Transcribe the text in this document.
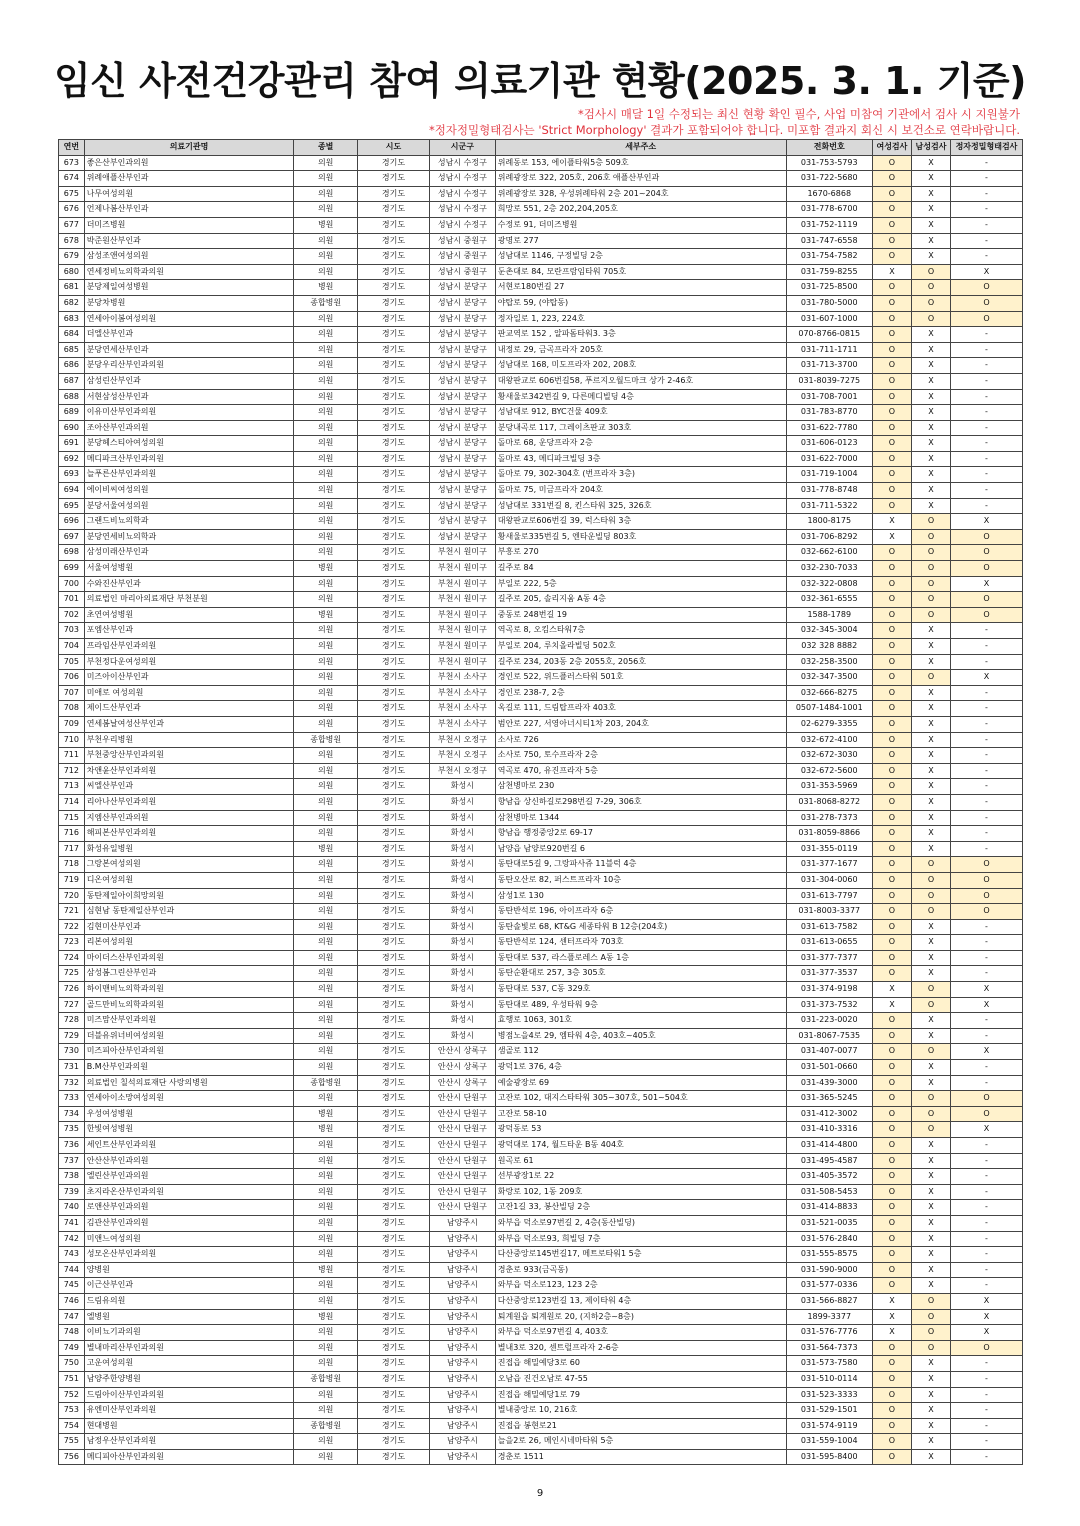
임신 사전건강관리 참여 의료기관 현황(2025. 3. 1. 기준)
*검사시 매달 1일 수정되는 최신 현황 확인 필수, 사업 미참여 기관에서 검사 시 지원불가
*정자정밀형태검사는 'Strict Morphology' 결과가 포함되어야 합니다. 미포함 결과지 회신 시 보건소로 연락바랍니다.
연번	의료기관명	종별	시도	시군구	세부주소	전화번호	여성검사	남성검사	정자정밀형태검사
673	좋은산부인과의원	의원	경기도	성남시 수정구	위례동로 153, 에이플타워5층 509호	031-753-5793	O	X	-
674	위례애플산부인과	의원	경기도	성남시 수정구	위례광장로 322, 205호, 206호 애플산부인과	031-722-5680	O	X	-
675	나무여성의원	의원	경기도	성남시 수정구	위례광장로 328, 우성위례타워 2층 201~204호	1670-6868	O	X	-
676	언제나봄산부인과	의원	경기도	성남시 수정구	희망로 551, 2층 202,204,205호	031-778-6700	O	X	-
677	더미즈병원	병원	경기도	성남시 수정구	수정로 91, 더미즈병원	031-752-1119	O	X	-
678	박준원산부인과	의원	경기도	성남시 중원구	광명로 277	031-747-6558	O	X	-
679	삼성조앤여성의원	의원	경기도	성남시 중원구	성남대로 1146, 구정빌딩 2층	031-754-7582	O	X	-
680	연세정비뇨의학과의원	의원	경기도	성남시 중원구	둔촌대로 84, 모란프람임타워 705호	031-759-8255	X	O	X
681	분당제일여성병원	병원	경기도	성남시 분당구	서현로180번길 27	031-725-8500	O	O	O
682	분당차병원	종합병원	경기도	성남시 분당구	야탑로 59, (야탑동)	031-780-5000	O	O	O
683	연세아이봄여성의원	의원	경기도	성남시 분당구	정자일로 1, 223, 224호	031-607-1000	O	O	O
684	더엘산부인과	의원	경기도	성남시 분당구	판교역로 152 , 알파돔타워3. 3층	070-8766-0815	O	X	-
685	분당연세산부인과	의원	경기도	성남시 분당구	내정로 29, 금곡프라자 205호	031-711-1711	O	X	-
686	분당우리산부인과의원	의원	경기도	성남시 분당구	성남대로 168, 미도프라자 202, 208호	031-713-3700	O	X	-
687	삼성린산부인과	의원	경기도	성남시 분당구	대왕판교로 606번길58, 푸르지오월드마크 상가 2-46호	031-8039-7275	O	X	-
688	서현삼성산부인과	의원	경기도	성남시 분당구	황새울로342번길 9, 다른메디빌딩 4층	031-708-7001	O	X	-
689	이유미산부인과의원	의원	경기도	성남시 분당구	성남대로 912, BYC건물 409호	031-783-8770	O	X	-
690	조아산부인과의원	의원	경기도	성남시 분당구	분당내곡로 117, 그레이츠판교 303호	031-622-7780	O	X	-
691	분당헤스티아여성의원	의원	경기도	성남시 분당구	돌마로 68, 운당프라자 2층	031-606-0123	O	X	-
692	메디파크산부인과의원	의원	경기도	성남시 분당구	돌마로 43, 메디파크빌딩 3층	031-622-7000	O	X	-
693	늘푸른산부인과의원	의원	경기도	성남시 분당구	돌마로 79, 302-304호 (번프라자 3층)	031-719-1004	O	X	-
694	에이비씨여성의원	의원	경기도	성남시 분당구	돌마로 75, 미금프라자 204호	031-778-8748	O	X	-
695	분당서울여성의원	의원	경기도	성남시 분당구	성남대로 331번길 8, 킨스타워 325, 326호	031-711-5322	O	X	-
696	그랜드비뇨의학과	의원	경기도	성남시 분당구	대왕판교로606번길 39, 럭스타워 3층	1800-8175	X	O	X
697	분당연세비뇨의학과	의원	경기도	성남시 분당구	황새울로335번길 5, 엔타운빌딩 803호	031-706-8292	X	O	O
698	삼성미래산부인과	의원	경기도	부천시 원미구	부흥로 270	032-662-6100	O	O	O
699	서울여성병원	병원	경기도	부천시 원미구	길주로 84	032-230-7033	O	O	O
700	수와진산부인과	의원	경기도	부천시 원미구	부일로 222, 5층	032-322-0808	O	O	X
701	의료법인 마리아의료재단 부천분원	의원	경기도	부천시 원미구	길주로 205, 솔리지움 A동 4층	032-361-6555	O	O	O
702	초연여성병원	병원	경기도	부천시 원미구	중동로 248번길 19	1588-1789	O	O	O
703	포엠산부인과	의원	경기도	부천시 원미구	역곡로 8, 오킴스타워7층	032-345-3004	O	X	-
704	프라임산부인과의원	의원	경기도	부천시 원미구	부일로 204, 루치올라빌딩 502호	032 328 8882	O	X	-
705	부천정다운여성의원	의원	경기도	부천시 원미구	길주로 234, 203동 2층 2055호, 2056호	032-258-3500	O	X	-
706	미즈아이산부인과	의원	경기도	부천시 소사구	경인로 522, 위드플러스타워 501호	032-347-3500	O	O	X
707	미애로 여성의원	의원	경기도	부천시 소사구	경인로 238-7, 2층	032-666-8275	O	X	-
708	제이드산부인과	의원	경기도	부천시 소사구	옥길로 111, 드림탑프라자 403호	0507-1484-1001	O	X	-
709	연세봄날여성산부인과	의원	경기도	부천시 소사구	범안로 227, 서영아너시티1차 203, 204호	02-6279-3355	O	X	-
710	부천우리병원	종합병원	경기도	부천시 오정구	소사로 726	032-672-4100	O	X	-
711	부천중앙산부인과의원	의원	경기도	부천시 오정구	소사로 750, 토수프라자 2층	032-672-3030	O	X	-
712	차앤윤산부인과의원	의원	경기도	부천시 오정구	역곡로 470, 유진프라자 5층	032-672-5600	O	X	-
713	씨엘산부인과	의원	경기도	화성시	삼천병마로 230	031-353-5969	O	X	-
714	리아나산부인과의원	의원	경기도	화성시	향남읍 상신하길로298번길 7-29, 306호	031-8068-8272	O	X	-
715	지엠산부인과의원	의원	경기도	화성시	삼천병마로 1344	031-278-7373	O	X	-
716	해피본산부인과의원	의원	경기도	화성시	향남읍 행정중앙2로 69-17	031-8059-8866	O	X	-
717	화성유일병원	병원	경기도	화성시	남양읍 남양로920번길 6	031-355-0119	O	X	-
718	그랑본여성의원	의원	경기도	화성시	동탄대로5길 9, 그랑파사쥬 11블럭 4층	031-377-1677	O	O	O
719	디온여성의원	의원	경기도	화성시	동탄오산로 82, 퍼스트프라자 10층	031-304-0060	O	O	O
720	동탄제일아이희망의원	의원	경기도	화성시	삼성1로 130	031-613-7797	O	O	O
721	심현남 동탄제일산부인과	의원	경기도	화성시	동탄반석로 196, 아이프라자 6층	031-8003-3377	O	O	O
722	김현미산부인과	의원	경기도	화성시	동탄솔빛로 68, KT&G 세종타워 B 12층(204호)	031-613-7582	O	X	-
723	리본여성의원	의원	경기도	화성시	동탄반석로 124, 센터프라자 703호	031-613-0655	O	X	-
724	마이더스산부인과의원	의원	경기도	화성시	동탄대로 537, 라스플로레스 A동 1층	031-377-7377	O	X	-
725	삼성봄그린산부인과	의원	경기도	화성시	동탄순환대로 257, 3층 305호	031-377-3537	O	X	-
726	하이맨비뇨의학과의원	의원	경기도	화성시	동탄대로 537, C동 329호	031-374-9198	X	O	X
727	골드만비뇨의학과의원	의원	경기도	화성시	동탄대로 489, 우성타워 9층	031-373-7532	X	O	X
728	미즈맘산부인과의원	의원	경기도	화성시	효행로 1063, 301호	031-223-0020	O	X	-
729	더블유위너비여성의원	의원	경기도	화성시	병점노을4로 29, 엠타워 4층, 403호~405호	031-8067-7535	O	X	-
730	미즈피아산부인과의원	의원	경기도	안산시 상록구	샘골로 112	031-407-0077	O	O	X
731	B.M산부인과의원	의원	경기도	안산시 상록구	광덕1로 376, 4층	031-501-0660	O	X	-
732	의료법인 칠석의료재단 사랑의병원	종합병원	경기도	안산시 상록구	예술광장로 69	031-439-3000	O	X	-
733	연세아이소망여성의원	의원	경기도	안산시 단원구	고잔로 102, 대지스타타워 305~307호, 501~504호	031-365-5245	O	O	O
734	우성여성병원	병원	경기도	안산시 단원구	고잔로 58-10	031-412-3002	O	O	O
735	한빛여성병원	병원	경기도	안산시 단원구	광덕동로 53	031-410-3316	O	O	X
736	세인트산부인과의원	의원	경기도	안산시 단원구	광덕대로 174, 월드타운 B동 404호	031-414-4800	O	X	-
737	안산산부인과의원	의원	경기도	안산시 단원구	원곡로 61	031-495-4587	O	X	-
738	엘린산부인과의원	의원	경기도	안산시 단원구	선부광장1로 22	031-405-3572	O	X	-
739	초지라온산부인과의원	의원	경기도	안산시 단원구	화랑로 102, 1동 209호	031-508-5453	O	X	-
740	로앤산부인과의원	의원	경기도	안산시 단원구	고잔1길 33, 봉산빌딩 2층	031-414-8833	O	X	-
741	김관산부인과의원	의원	경기도	남양주시	와부읍 덕소로97번길 2, 4층(동산빌딩)	031-521-0035	O	X	-
742	미앤느여성의원	의원	경기도	남양주시	와부읍 덕소로93, 희빌딩 7층	031-576-2840	O	X	-
743	성모온산부인과의원	의원	경기도	남양주시	다산중앙로145번길17, 메트로타워1 5층	031-555-8575	O	X	-
744	양병원	병원	경기도	남양주시	경춘로 933(금곡동)	031-590-9000	O	X	-
745	이근산부인과	의원	경기도	남양주시	와부읍 덕소로123, 123 2층	031-577-0336	O	X	-
746	드림유의원	의원	경기도	남양주시	다산중앙로123번길 13, 제이타워 4층	031-566-8827	X	O	X
747	엘병원	병원	경기도	남양주시	퇴계원읍 퇴계원로 20, (지하2층~8층)	1899-3377	X	O	X
748	이비뇨기과의원	의원	경기도	남양주시	와부읍 덕소로97번길 4, 403호	031-576-7776	X	O	X
749	별내마리산부인과의원	의원	경기도	남양주시	별내3로 320, 센트럴프라자 2-6층	031-564-7373	O	O	O
750	고운여성의원	의원	경기도	남양주시	진접읍 해밀예당3로 60	031-573-7580	O	X	-
751	남양주한양병원	종합병원	경기도	남양주시	오남읍 진건오남로 47-55	031-510-0114	O	X	-
752	드림아이산부인과의원	의원	경기도	남양주시	진접읍 해밀예당1로 79	031-523-3333	O	X	-
753	유엔미산부인과의원	의원	경기도	남양주시	별내중앙로 10, 216호	031-529-1501	O	X	-
754	현대병원	종합병원	경기도	남양주시	진접읍 봉현로21	031-574-9119	O	X	-
755	남정우산부인과의원	의원	경기도	남양주시	늘을2로 26, 메인시네마타워 5층	031-559-1004	O	X	-
756	메디피아산부인과의원	의원	경기도	남양주시	경춘로 1511	031-595-8400	O	X	-
9
